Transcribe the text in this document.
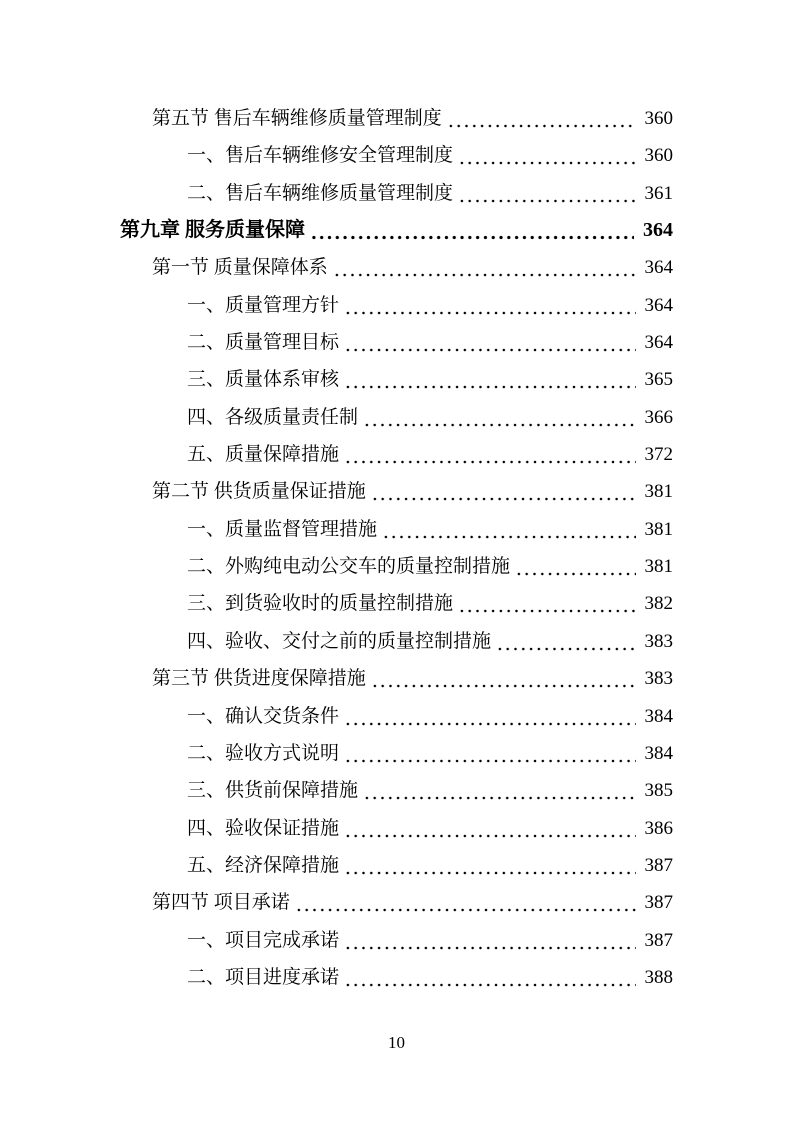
第五节 售后车辆维修质量管理制度	360
一、售后车辆维修安全管理制度	360
二、售后车辆维修质量管理制度	361
第九章 服务质量保障	364
第一节 质量保障体系	364
一、质量管理方针	364
二、质量管理目标	364
三、质量体系审核	365
四、各级质量责任制	366
五、质量保障措施	372
第二节 供货质量保证措施	381
一、质量监督管理措施	381
二、外购纯电动公交车的质量控制措施	381
三、到货验收时的质量控制措施	382
四、验收、交付之前的质量控制措施	383
第三节 供货进度保障措施	383
一、确认交货条件	384
二、验收方式说明	384
三、供货前保障措施	385
四、验收保证措施	386
五、经济保障措施	387
第四节 项目承诺	387
一、项目完成承诺	387
二、项目进度承诺	388
10
